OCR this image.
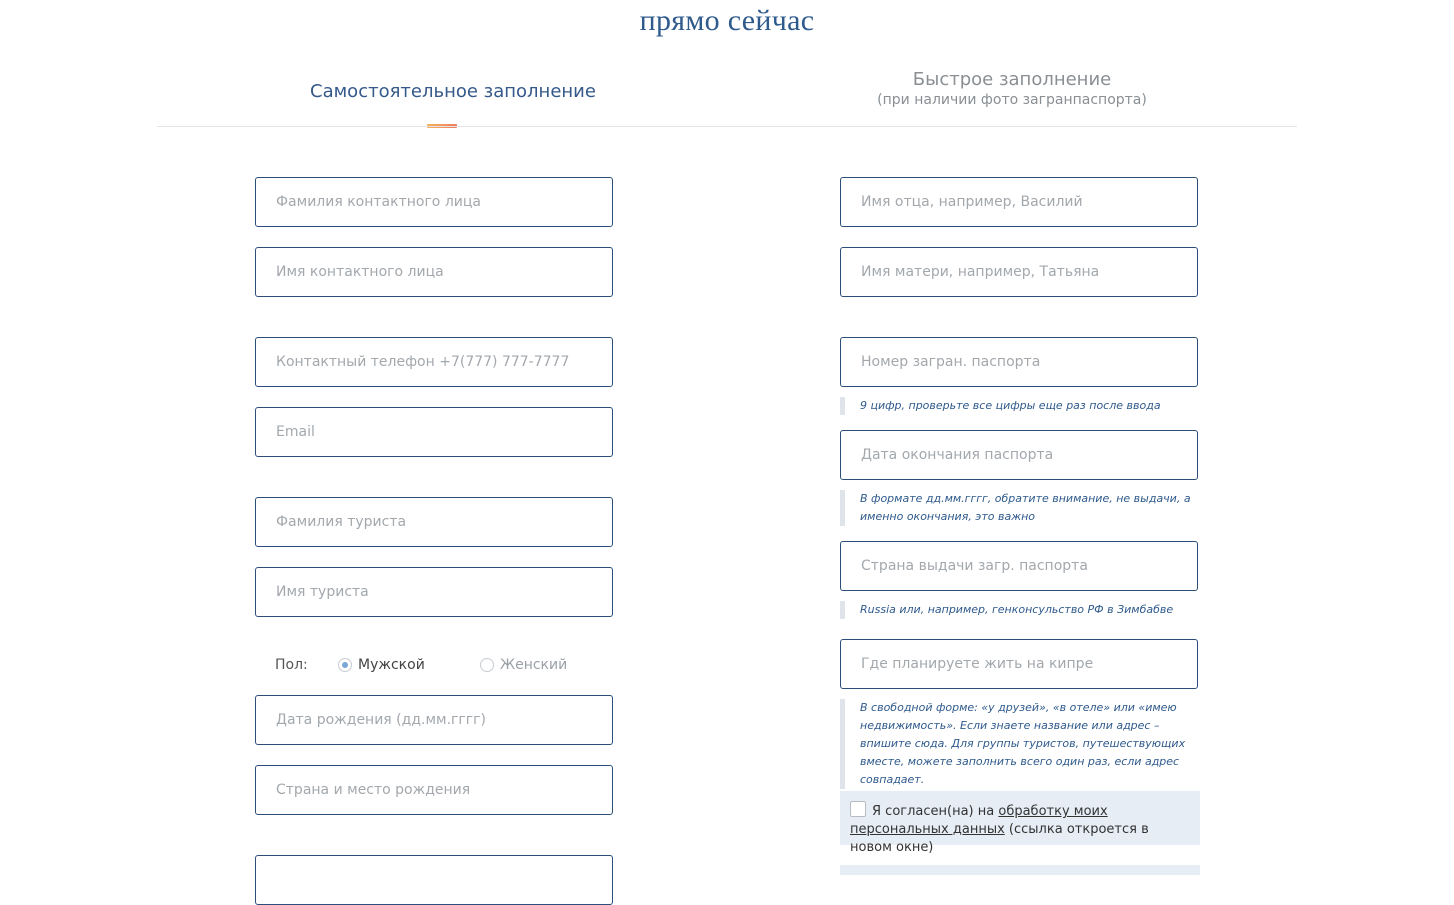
прямо сейчас
Самостоятельное заполнение
Быстрое заполнение
(при наличии фото загранпаспорта)
Фамилия контактного лица
Имя контактного лица
Контактный телефон +7(777) 777-7777
Email
Фамилия туриста
Имя туриста
Пол:	Мужской	Женский
Дата рождения (дд.мм.гггг)
Страна и место рождения
Имя отца, например, Василий
Имя матери, например, Татьяна
Номер загран. паспорта
9 цифр, проверьте все цифры еще раз после ввода
Дата окончания паспорта
В формате дд.мм.гггг, обратите внимание, не выдачи, а именно окончания, это важно
Страна выдачи загр. паспорта
Russia или, например, генконсульство РФ в Зимбабве
Где планируете жить на кипре
В свободной форме: «у друзей», «в отеле» или «имею недвижимость». Если знаете название или адрес – впишите сюда. Для группы туристов, путешествующих вместе, можете заполнить всего один раз, если адрес совпадает.
Я согласен(на) на обработку моих персональных данных (ссылка откроется в новом окне)
